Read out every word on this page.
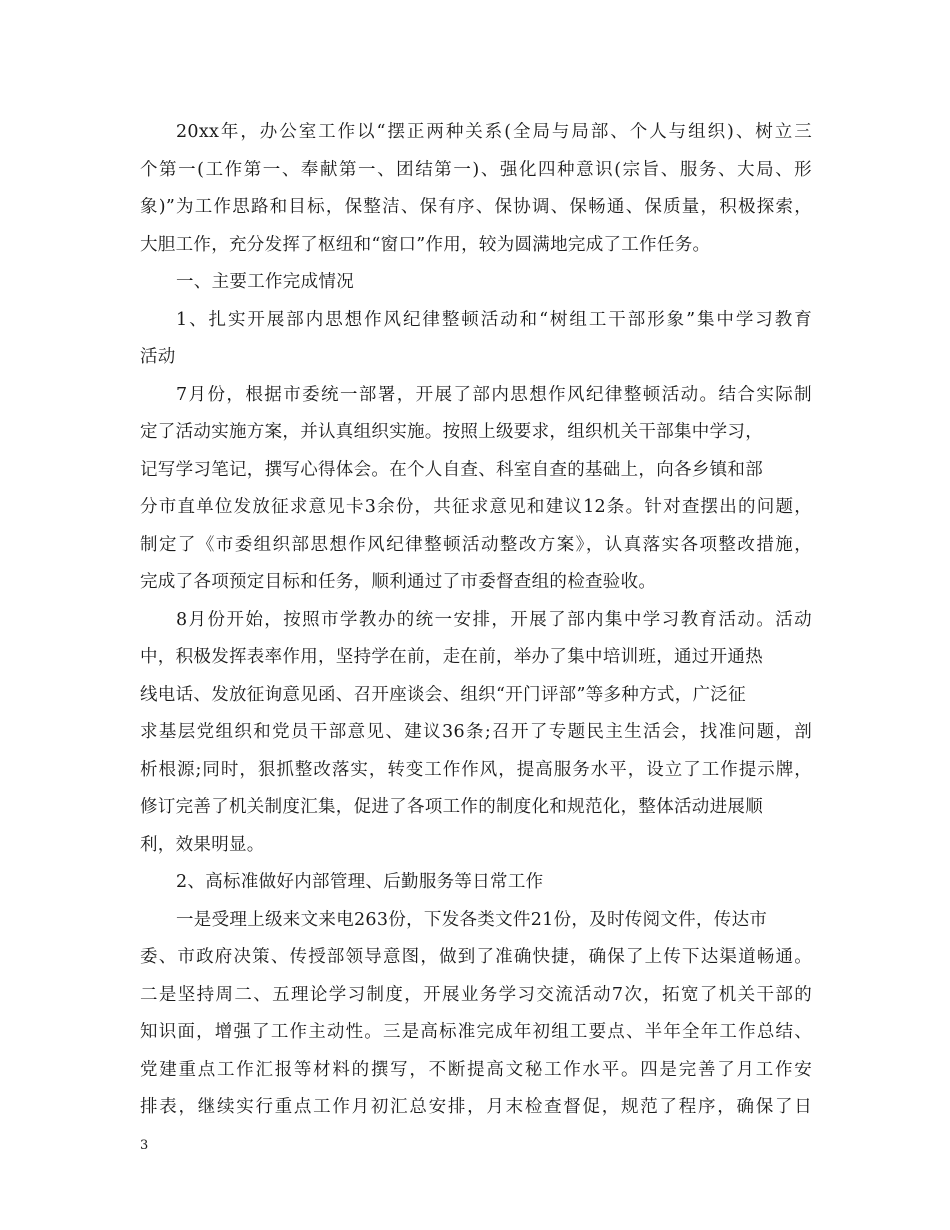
20xx年，办公室工作以“摆正两种关系(全局与局部、个人与组织)、树立三
个第一(工作第一、奉献第一、团结第一)、强化四种意识(宗旨、服务、大局、形
象)”为工作思路和目标，保整洁、保有序、保协调、保畅通、保质量，积极探索，
大胆工作，充分发挥了枢纽和“窗口”作用，较为圆满地完成了工作任务。
一、主要工作完成情况
1、扎实开展部内思想作风纪律整顿活动和“树组工干部形象”集中学习教育
活动
7月份，根据市委统一部署，开展了部内思想作风纪律整顿活动。结合实际制
定了活动实施方案，并认真组织实施。按照上级要求，组织机关干部集中学习，
记写学习笔记，撰写心得体会。在个人自查、科室自查的基础上，向各乡镇和部
分市直单位发放征求意见卡3余份，共征求意见和建议12条。针对查摆出的问题，
制定了《市委组织部思想作风纪律整顿活动整改方案》，认真落实各项整改措施，
完成了各项预定目标和任务，顺利通过了市委督查组的检查验收。
8月份开始，按照市学教办的统一安排，开展了部内集中学习教育活动。活动
中，积极发挥表率作用，坚持学在前，走在前，举办了集中培训班，通过开通热
线电话、发放征询意见函、召开座谈会、组织“开门评部”等多种方式，广泛征
求基层党组织和党员干部意见、建议36条;召开了专题民主生活会，找准问题，剖
析根源;同时，狠抓整改落实，转变工作作风，提高服务水平，设立了工作提示牌，
修订完善了机关制度汇集，促进了各项工作的制度化和规范化，整体活动进展顺
利，效果明显。
2、高标准做好内部管理、后勤服务等日常工作
一是受理上级来文来电263份，下发各类文件21份，及时传阅文件，传达市
委、市政府决策、传授部领导意图，做到了准确快捷，确保了上传下达渠道畅通。
二是坚持周二、五理论学习制度，开展业务学习交流活动7次，拓宽了机关干部的
知识面，增强了工作主动性。三是高标准完成年初组工要点、半年全年工作总结、
党建重点工作汇报等材料的撰写，不断提高文秘工作水平。四是完善了月工作安
排表，继续实行重点工作月初汇总安排，月末检查督促，规范了程序，确保了日
3
